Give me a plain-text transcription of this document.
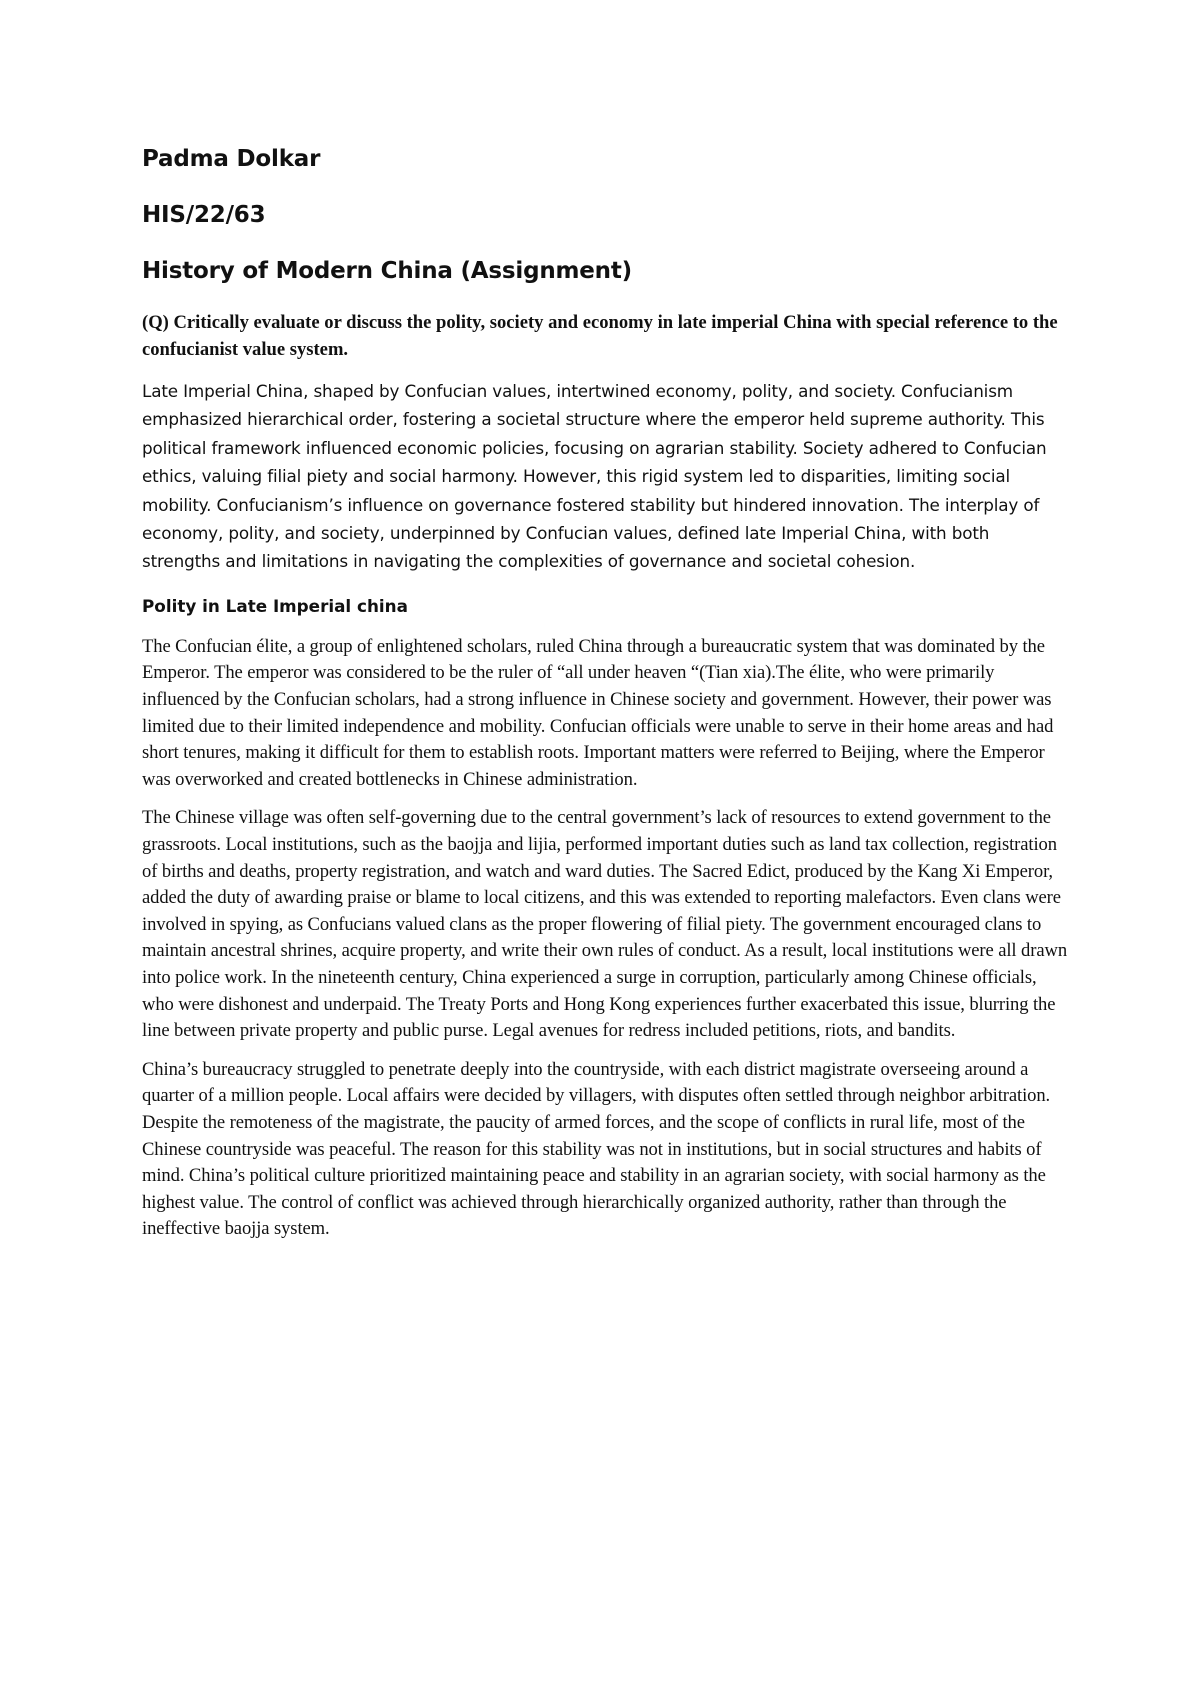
Padma Dolkar
HIS/22/63
History of Modern China (Assignment)

(Q) Critically evaluate or discuss the polity, society and economy in late imperial China with special reference to the confucianist value system.

Late Imperial China, shaped by Confucian values, intertwined economy, polity, and society. Confucianism emphasized hierarchical order, fostering a societal structure where the emperor held supreme authority. This political framework influenced economic policies, focusing on agrarian stability. Society adhered to Confucian ethics, valuing filial piety and social harmony. However, this rigid system led to disparities, limiting social mobility. Confucianism’s influence on governance fostered stability but hindered innovation. The interplay of economy, polity, and society, underpinned by Confucian values, defined late Imperial China, with both strengths and limitations in navigating the complexities of governance and societal cohesion.

Polity in Late Imperial china

The Confucian élite, a group of enlightened scholars, ruled China through a bureaucratic system that was dominated by the Emperor. The emperor was considered to be the ruler of “all under heaven “(Tian xia).The élite, who were primarily influenced by the Confucian scholars, had a strong influence in Chinese society and government. However, their power was limited due to their limited independence and mobility. Confucian officials were unable to serve in their home areas and had short tenures, making it difficult for them to establish roots. Important matters were referred to Beijing, where the Emperor was overworked and created bottlenecks in Chinese administration.

The Chinese village was often self-governing due to the central government’s lack of resources to extend government to the grassroots. Local institutions, such as the baojja and lijia, performed important duties such as land tax collection, registration of births and deaths, property registration, and watch and ward duties. The Sacred Edict, produced by the Kang Xi Emperor, added the duty of awarding praise or blame to local citizens, and this was extended to reporting malefactors. Even clans were involved in spying, as Confucians valued clans as the proper flowering of filial piety. The government encouraged clans to maintain ancestral shrines, acquire property, and write their own rules of conduct. As a result, local institutions were all drawn into police work. In the nineteenth century, China experienced a surge in corruption, particularly among Chinese officials, who were dishonest and underpaid. The Treaty Ports and Hong Kong experiences further exacerbated this issue, blurring the line between private property and public purse. Legal avenues for redress included petitions, riots, and bandits.

China’s bureaucracy struggled to penetrate deeply into the countryside, with each district magistrate overseeing around a quarter of a million people. Local affairs were decided by villagers, with disputes often settled through neighbor arbitration. Despite the remoteness of the magistrate, the paucity of armed forces, and the scope of conflicts in rural life, most of the Chinese countryside was peaceful. The reason for this stability was not in institutions, but in social structures and habits of mind. China’s political culture prioritized maintaining peace and stability in an agrarian society, with social harmony as the highest value. The control of conflict was achieved through hierarchically organized authority, rather than through the ineffective baojja system.
